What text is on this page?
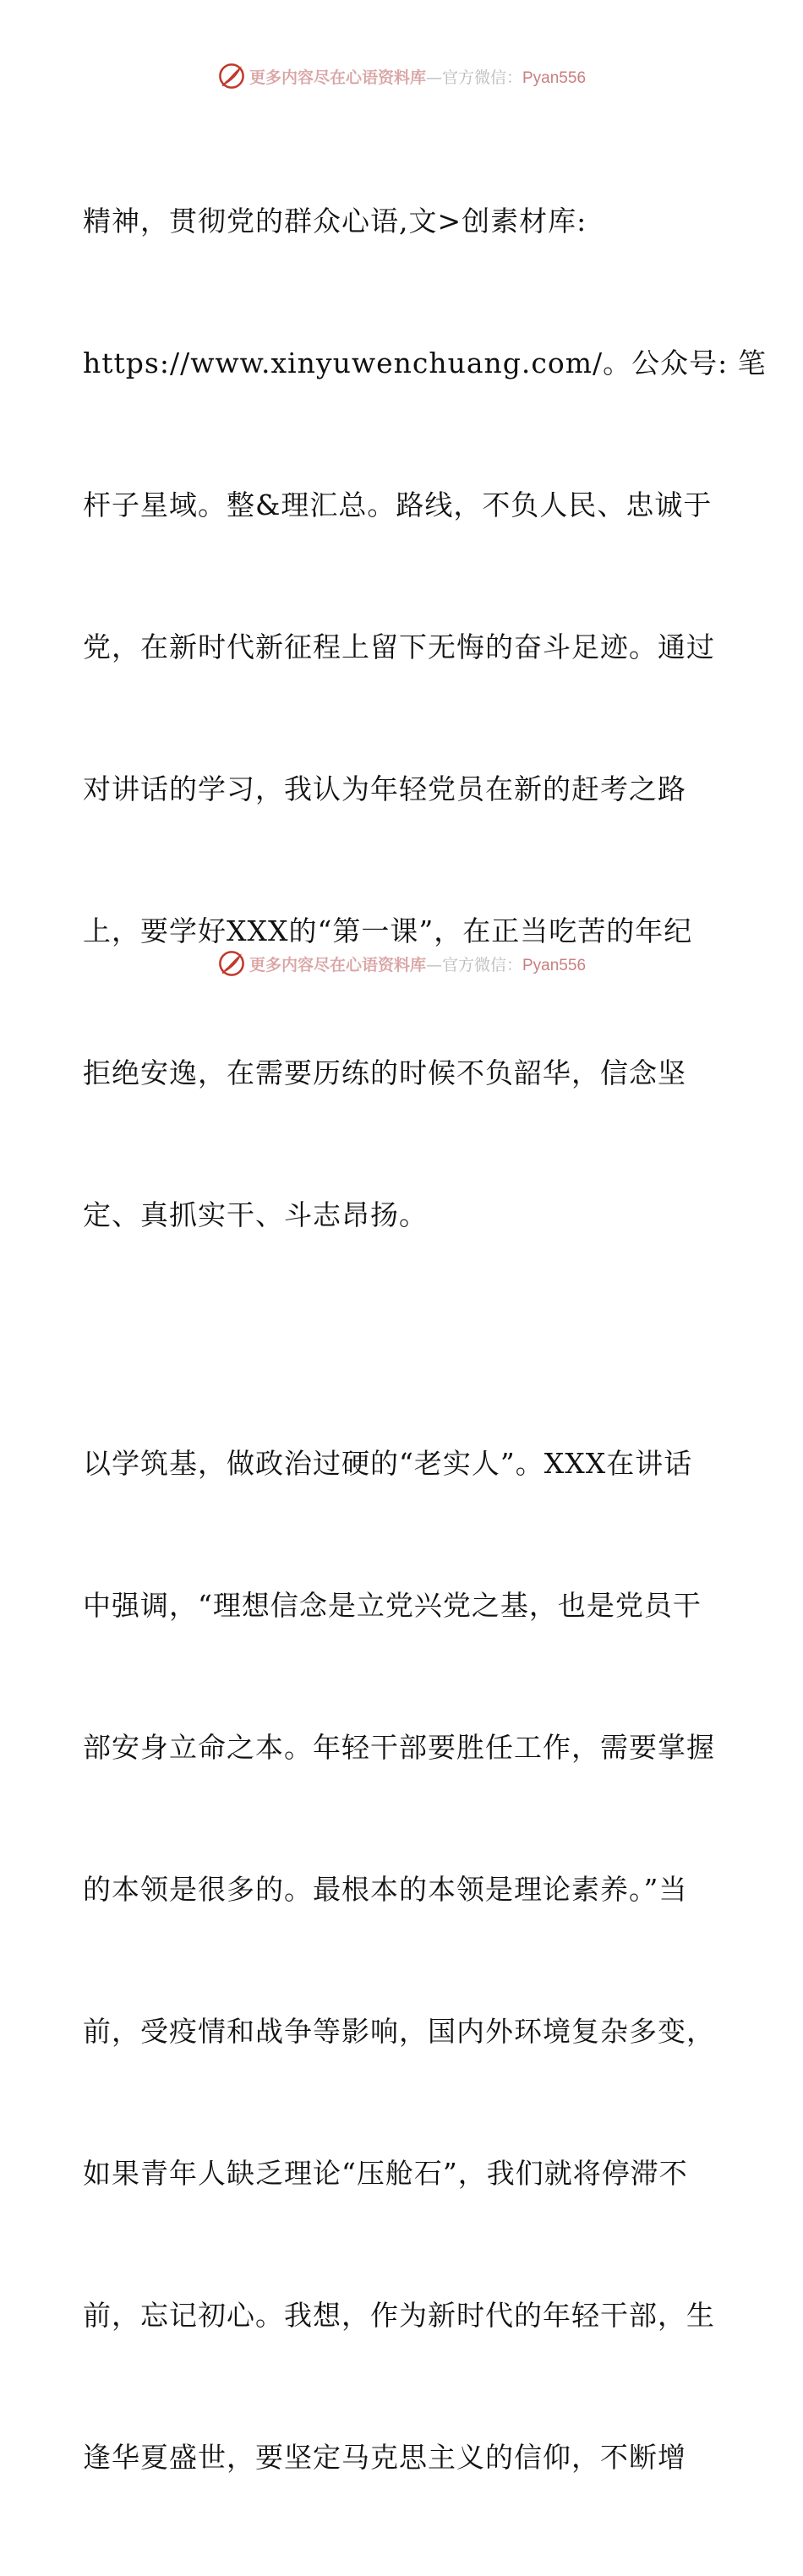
更多内容尽在心语资料库—官方微信：Pyan556

精神，贯彻党的群众心语,文>创素材库:

https://www.xinyuwenchuang.com/。公众号: 笔

杆子星域。整&理汇总。路线，不负人民、忠诚于

党，在新时代新征程上留下无悔的奋斗足迹。通过

对讲话的学习，我认为年轻党员在新的赶考之路

上，要学好XXX的“第一课”，在正当吃苦的年纪

拒绝安逸，在需要历练的时候不负韶华，信念坚

定、真抓实干、斗志昂扬。

以学筑基，做政治过硬的“老实人”。XXX在讲话

中强调，“理想信念是立党兴党之基，也是党员干

部安身立命之本。年轻干部要胜任工作，需要掌握

的本领是很多的。最根本的本领是理论素养。”当

前，受疫情和战争等影响，国内外环境复杂多变，

如果青年人缺乏理论“压舱石”，我们就将停滞不

前，忘记初心。我想，作为新时代的年轻干部，生

逢华夏盛世，要坚定马克思主义的信仰，不断增

更多内容尽在心语资料库—官方微信：Pyan556
